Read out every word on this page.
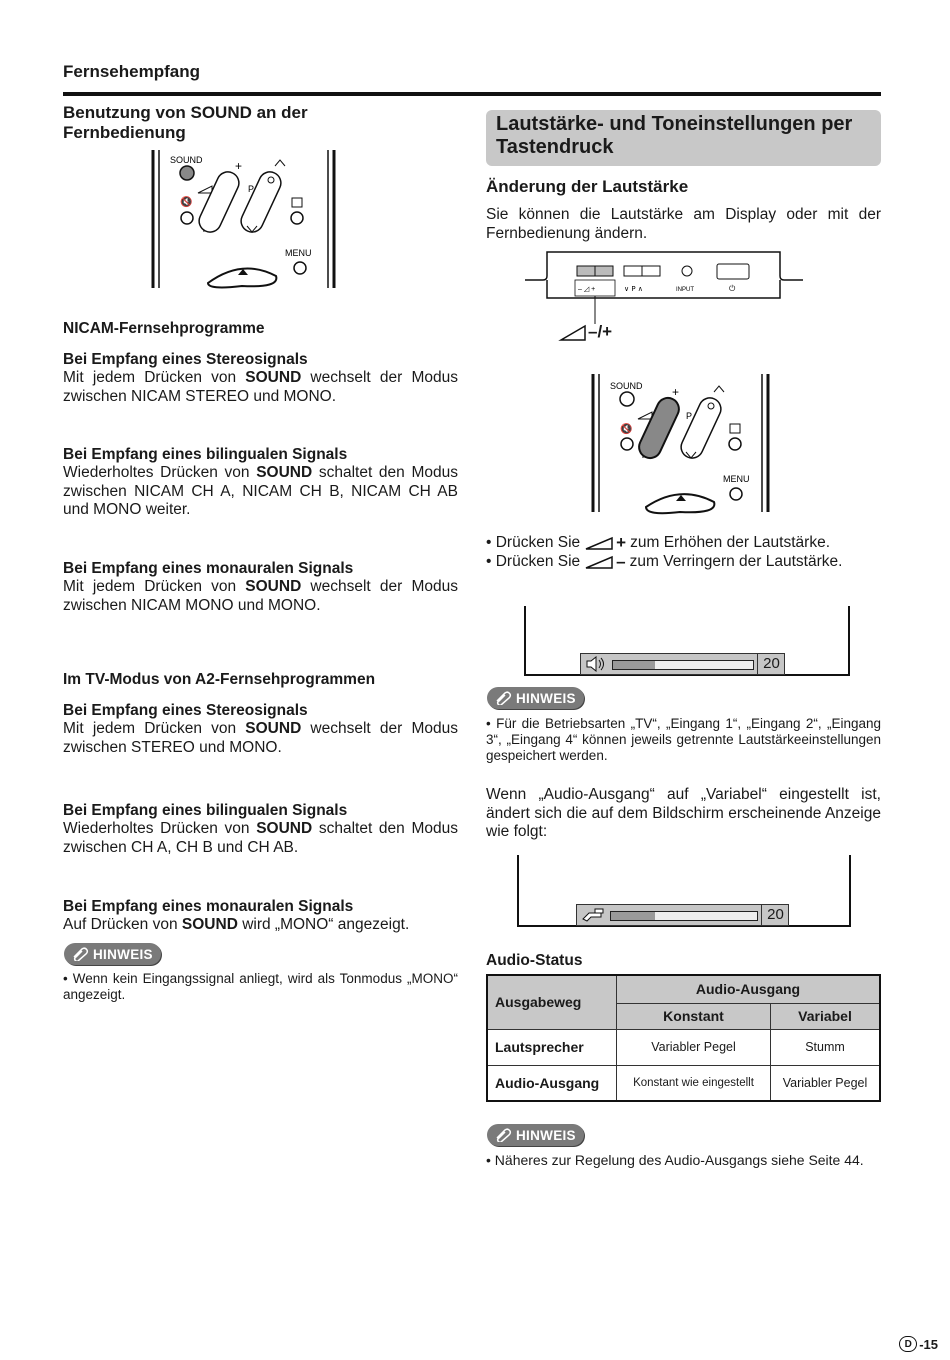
Fernsehempfang
Benutzung von SOUND an der Fernbedienung
SOUND
🔇
+
P
MENU
NICAM-Fernsehprogramme
Bei Empfang eines Stereosignals
Mit jedem Drücken von SOUND wechselt der Modus zwischen NICAM STEREO und MONO.
Bei Empfang eines bilingualen Signals
Wiederholtes Drücken von SOUND schaltet den Modus zwischen NICAM CH A, NICAM CH B, NICAM CH AB und MONO weiter.
Bei Empfang eines monauralen Signals
Mit jedem Drücken von SOUND wechselt der Modus zwischen NICAM MONO und MONO.
Im TV-Modus von A2-Fernsehprogrammen
Bei Empfang eines Stereosignals
Mit jedem Drücken von SOUND wechselt der Modus zwischen STEREO und MONO.
Bei Empfang eines bilingualen Signals
Wiederholtes Drücken von SOUND schaltet den Modus zwischen CH A, CH B und CH AB.
Bei Empfang eines monauralen Signals
Auf Drücken von SOUND wird „MONO“ angezeigt.
HINWEIS
• Wenn kein Eingangssignal anliegt, wird als Tonmodus „MONO“ angezeigt.
Lautstärke- und Toneinstellungen per Tastendruck
Änderung der Lautstärke
Sie können die Lautstärke am Display oder mit der Fernbedienung ändern.
– ◿ +	∨ P ∧	INPUT	⏻
–/+
SOUND
🔇
+
P
MENU
• Drücken Sie + zum Erhöhen der Lautstärke.
• Drücken Sie – zum Verringern der Lautstärke.
20
HINWEIS
• Für die Betriebsarten „TV“, „Eingang 1“, „Eingang 2“, „Eingang 3“, „Eingang 4“ können jeweils getrennte Lautstärkeeinstellungen gespeichert werden.
Wenn „Audio-Ausgang“ auf „Variabel“ eingestellt ist, ändert sich die auf dem Bildschirm erscheinende Anzeige wie folgt:
20
Audio-Status
Ausgabeweg	Audio-Ausgang	
	Konstant	Variabel
Lautsprecher	Variabler Pegel	Stumm
Audio-Ausgang	Konstant wie eingestellt	Variabler Pegel
HINWEIS
• Näheres zur Regelung des Audio-Ausgangs siehe Seite 44.
D -15
